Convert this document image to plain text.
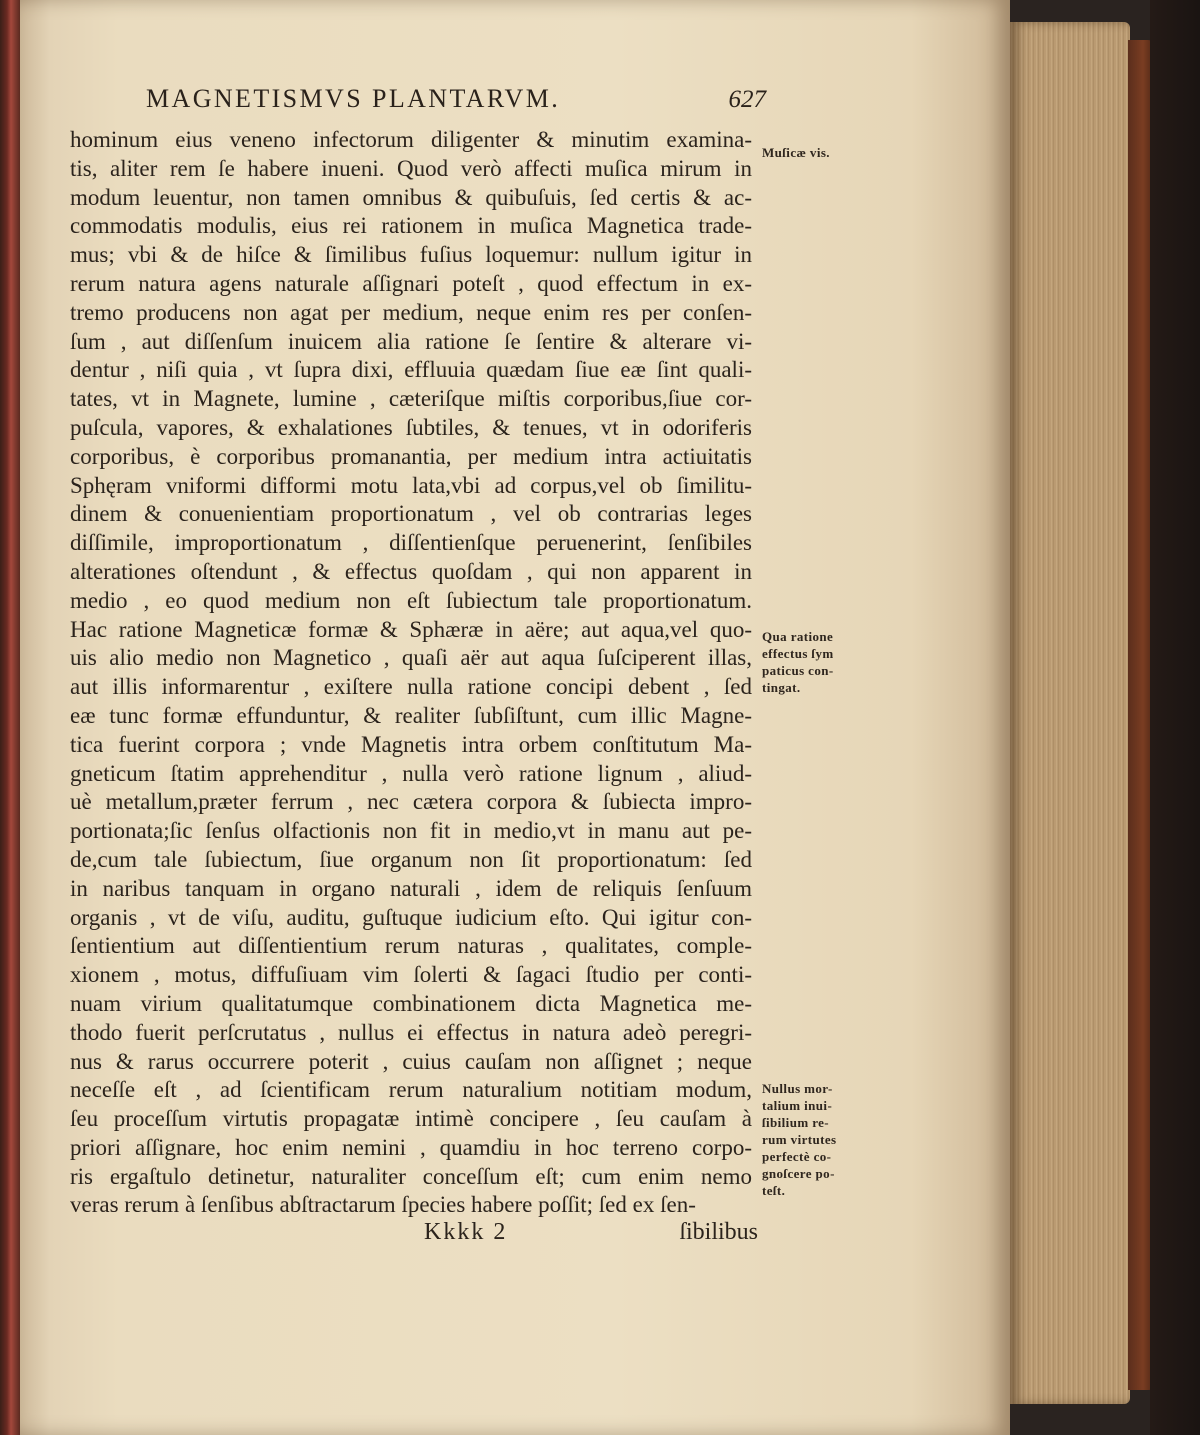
MAGNETISMVS PLANTARVM.	627
hominum eius veneno infectorum diligenter & minutim examina-
tis, aliter rem ſe habere inueni. Quod verò affecti muſica mirum in
modum leuentur, non tamen omnibus & quibuſuis, ſed certis & ac-
commodatis modulis, eius rei rationem in muſica Magnetica trade-
mus; vbi & de hiſce & ſimilibus fuſius loquemur: nullum igitur in
rerum natura agens naturale aſſignari poteſt , quod effectum in ex-
tremo producens non agat per medium, neque enim res per conſen-
ſum , aut diſſenſum inuicem alia ratione ſe ſentire & alterare vi-
dentur , niſi quia , vt ſupra dixi, effluuia quædam ſiue eæ ſint quali-
tates, vt in Magnete, lumine , cæteriſque miſtis corporibus,ſiue cor-
puſcula, vapores, & exhalationes ſubtiles, & tenues, vt in odoriferis
corporibus, è corporibus promanantia, per medium intra actiuitatis
Sphęram vniformi difformi motu lata,vbi ad corpus,vel ob ſimilitu-
dinem & conuenientiam proportionatum , vel ob contrarias leges
diſſimile, improportionatum , diſſentienſque peruenerint, ſenſibiles
alterationes oſtendunt , & effectus quoſdam , qui non apparent in
medio , eo quod medium non eſt ſubiectum tale proportionatum.
Hac ratione Magneticæ formæ & Sphæræ in aëre; aut aqua,vel quo-
uis alio medio non Magnetico , quaſi aër aut aqua ſuſciperent illas,
aut illis informarentur , exiſtere nulla ratione concipi debent , ſed
eæ tunc formæ effunduntur, & realiter ſubſiſtunt, cum illic Magne-
tica fuerint corpora ; vnde Magnetis intra orbem conſtitutum Ma-
gneticum ſtatim apprehenditur , nulla verò ratione lignum , aliud-
uè metallum,præter ferrum , nec cætera corpora & ſubiecta impro-
portionata;ſic ſenſus olfactionis non fit in medio,vt in manu aut pe-
de,cum tale ſubiectum, ſiue organum non ſit proportionatum: ſed
in naribus tanquam in organo naturali , idem de reliquis ſenſuum
organis , vt de viſu, auditu, guſtuque iudicium eſto. Qui igitur con-
ſentientium aut diſſentientium rerum naturas , qualitates, comple-
xionem , motus, diffuſiuam vim ſolerti & ſagaci ſtudio per conti-
nuam virium qualitatumque combinationem dicta Magnetica me-
thodo fuerit perſcrutatus , nullus ei effectus in natura adeò peregri-
nus & rarus occurrere poterit , cuius cauſam non aſſignet ; neque
neceſſe eſt , ad ſcientificam rerum naturalium notitiam modum,
ſeu proceſſum virtutis propagatæ intimè concipere , ſeu cauſam à
priori aſſignare, hoc enim nemini , quamdiu in hoc terreno corpo-
ris ergaſtulo detinetur, naturaliter conceſſum eſt; cum enim nemo
veras rerum à ſenſibus abſtractarum ſpecies habere poſſit; ſed ex ſen-
Muſicæ vis.
Qua ratione
effectus ſym
paticus con-
tingat.
Nullus mor-
talium inui-
ſibilium re-
rum virtutes
perfectè co-
gnoſcere po-
teſt.
Kkkk 2	ſibilibus
